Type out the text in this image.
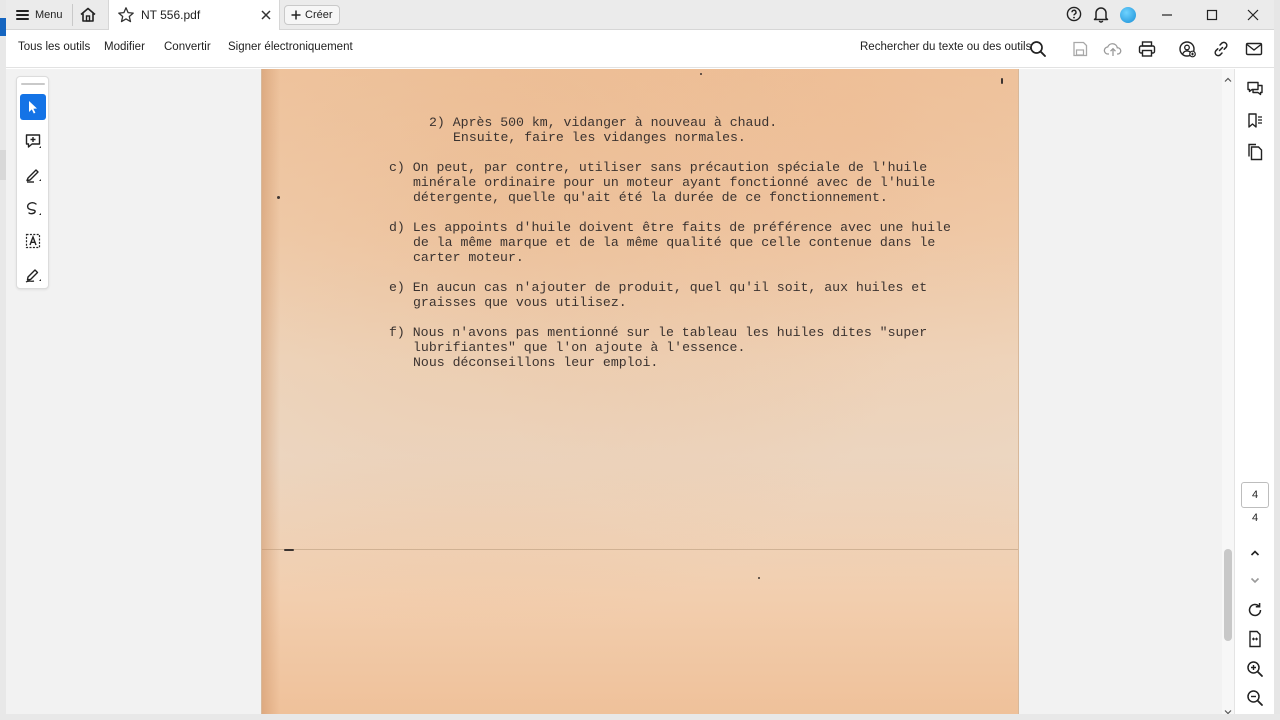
Menu	NT 556.pdf	Créer
Tous les outils Modifier Convertir Signer électroniquement	Rechercher du texte ou des outils

2) Après 500 km, vidanger à nouveau à chaud.

Ensuite, faire les vidanges normales.

c) On peut, par contre, utiliser sans précaution spéciale de l'huile

minérale ordinaire pour un moteur ayant fonctionné avec de l'huile

détergente, quelle qu'ait été la durée de ce fonctionnement.

d) Les appoints d'huile doivent être faits de préférence avec une huile

de la même marque et de la même qualité que celle contenue dans le

carter moteur.

e) En aucun cas n'ajouter de produit, quel qu'il soit, aux huiles et

graisses que vous utilisez.

f) Nous n'avons pas mentionné sur le tableau les huiles dites "super

lubrifiantes" que l'on ajoute à l'essence.

Nous déconseillons leur emploi.

4
4
